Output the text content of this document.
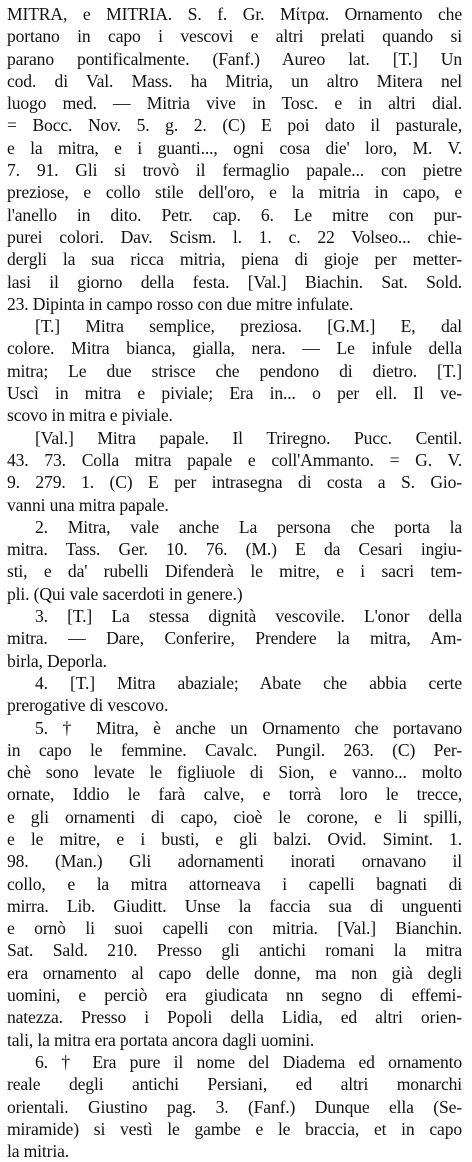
MITRA, e MITRIA. S. f. Gr. Μίτρα. Ornamento che
portano in capo i vescovi e altri prelati quando si
parano pontificalmente. (Fanf.) Aureo lat. [T.] Un
cod. di Val. Mass. ha Mitria, un altro Mitera nel
luogo med. — Mitria vive in Tosc. e in altri dial.
= Bocc. Nov. 5. g. 2. (C) E poi dato il pasturale,
e la mitra, e i guanti..., ogni cosa die' loro, M. V.
7. 91. Gli si trovò il fermaglio papale... con pietre
preziose, e collo stile dell'oro, e la mitria in capo, e
l'anello in dito. Petr. cap. 6. Le mitre con pur-
purei colori. Dav. Scism. l. 1. c. 22 Volseo... chie-
dergli la sua ricca mitria, piena di gioje per metter-
lasi il giorno della festa. [Val.] Biachin. Sat. Sold.
23. Dipinta in campo rosso con due mitre infulate.
[T.] Mitra semplice, preziosa. [G.M.] E, dal
colore. Mitra bianca, gialla, nera. — Le infule della
mitra; Le due strisce che pendono di dietro. [T.]
Uscì in mitra e piviale; Era in... o per ell. Il ve-
scovo in mitra e piviale.
[Val.] Mitra papale. Il Triregno. Pucc. Centil.
43. 73. Colla mitra papale e coll'Ammanto. = G. V.
9. 279. 1. (C) E per intrasegna di costa a S. Gio-
vanni una mitra papale.
2. Mitra, vale anche La persona che porta la
mitra. Tass. Ger. 10. 76. (M.) E da Cesari ingiu-
sti, e da' rubelli Difenderà le mitre, e i sacri tem-
pli. (Qui vale sacerdoti in genere.)
3. [T.] La stessa dignità vescovile. L'onor della
mitra. — Dare, Conferire, Prendere la mitra, Am-
birla, Deporla.
4. [T.] Mitra abaziale; Abate che abbia certe
prerogative di vescovo.
5. † Mitra, è anche un Ornamento che portavano
in capo le femmine. Cavalc. Pungil. 263. (C) Per-
chè sono levate le figliuole di Sion, e vanno... molto
ornate, Iddio le farà calve, e torrà loro le trecce,
e gli ornamenti di capo, cioè le corone, e li spilli,
e le mitre, e i busti, e gli balzi. Ovid. Simint. 1.
98. (Man.) Gli adornamenti inorati ornavano il
collo, e la mitra attorneava i capelli bagnati di
mirra. Lib. Giuditt. Unse la faccia sua di unguenti
e ornò li suoi capelli con mitria. [Val.] Bianchin.
Sat. Sald. 210. Presso gli antichi romani la mitra
era ornamento al capo delle donne, ma non già degli
uomini, e perciò era giudicata nn segno di effemi-
natezza. Presso i Popoli della Lidia, ed altri orien-
tali, la mitra era portata ancora dagli uomini.
6. † Era pure il nome del Diadema ed ornamento
reale degli antichi Persiani, ed altri monarchi
orientali. Giustino pag. 3. (Fanf.) Dunque ella (Se-
miramide) si vestì le gambe e le braccia, et in capo
la mitria.
